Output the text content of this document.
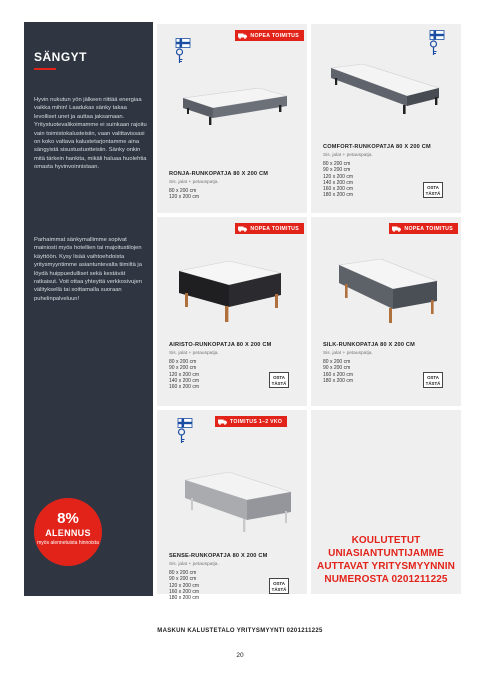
SÄNGYT

Hyvin nukutun yön jälkeen riittää energiaa vaikka mihin! Laadukas sänky takaa levolliset unet ja auttaa jaksamaan. Yritystuotevalikoimamme ei suinkaan rajoitu vain toimistokalusteisiin, vaan valittavissasi on koko valtava kalustetarjontamme aina sängyistä sisustustuotteisiin. Sänky onkin mitä tärkein hankita, mikäli haluaa huolehtia omasta hyvinvoinnistaan.

Parhaimmat sänkymallimme sopivat mainiosti myös hotellien tai majoitustilojen käyttöön. Kysy lisää vaihtoehdoista yritysmyyntimme asiantuntevalta tiimiltä ja löydä huippuedulliset sekä kestävät ratkaisut. Voit ottaa yhteyttä verkkosivujen välityksellä tai soittamalla suoraan puhelinpalveluun!

8%
ALENNUS
myös alennetuista hinnoista
NOPEA TOIMITUS
RONJA-RUNKOPATJA 80 X 200 CM
Sis. jalat + petauspatja.
80 x 200 cm
120 x 200 cm
COMFORT-RUNKOPATJA 80 X 200 CM
Sis. jalat + petauspatja.
80 x 200 cm
90 x 200 cm
120 x 200 cm
140 x 200 cm
160 x 200 cm
180 x 200 cm
OSTA TÄSTÄ
NOPEA TOIMITUS
AIRISTO-RUNKOPATJA 80 X 200 CM
Sis. jalat + petauspatja.
80 x 200 cm
90 x 200 cm
120 x 200 cm
140 x 200 cm
160 x 200 cm
OSTA TÄSTÄ
NOPEA TOIMITUS
SILK-RUNKOPATJA 80 X 200 CM
Sis. jalat + petauspatja.
80 x 200 cm
90 x 200 cm
160 x 200 cm
180 x 200 cm
OSTA TÄSTÄ
TOIMITUS 1–2 VKO
SENSE-RUNKOPATJA 80 X 200 CM
Sis. jalat + petauspatja.
80 x 200 cm
90 x 200 cm
120 x 200 cm
160 x 200 cm
180 x 200 cm
OSTA TÄSTÄ
KOULUTETUT
UNIASIANTUNTIJAMME
AUTTAVAT YRITYSMYYNNIN
NUMEROSTA 0201211225
MASKUN KALUSTETALO YRITYSMYYNTI 0201211225
20
